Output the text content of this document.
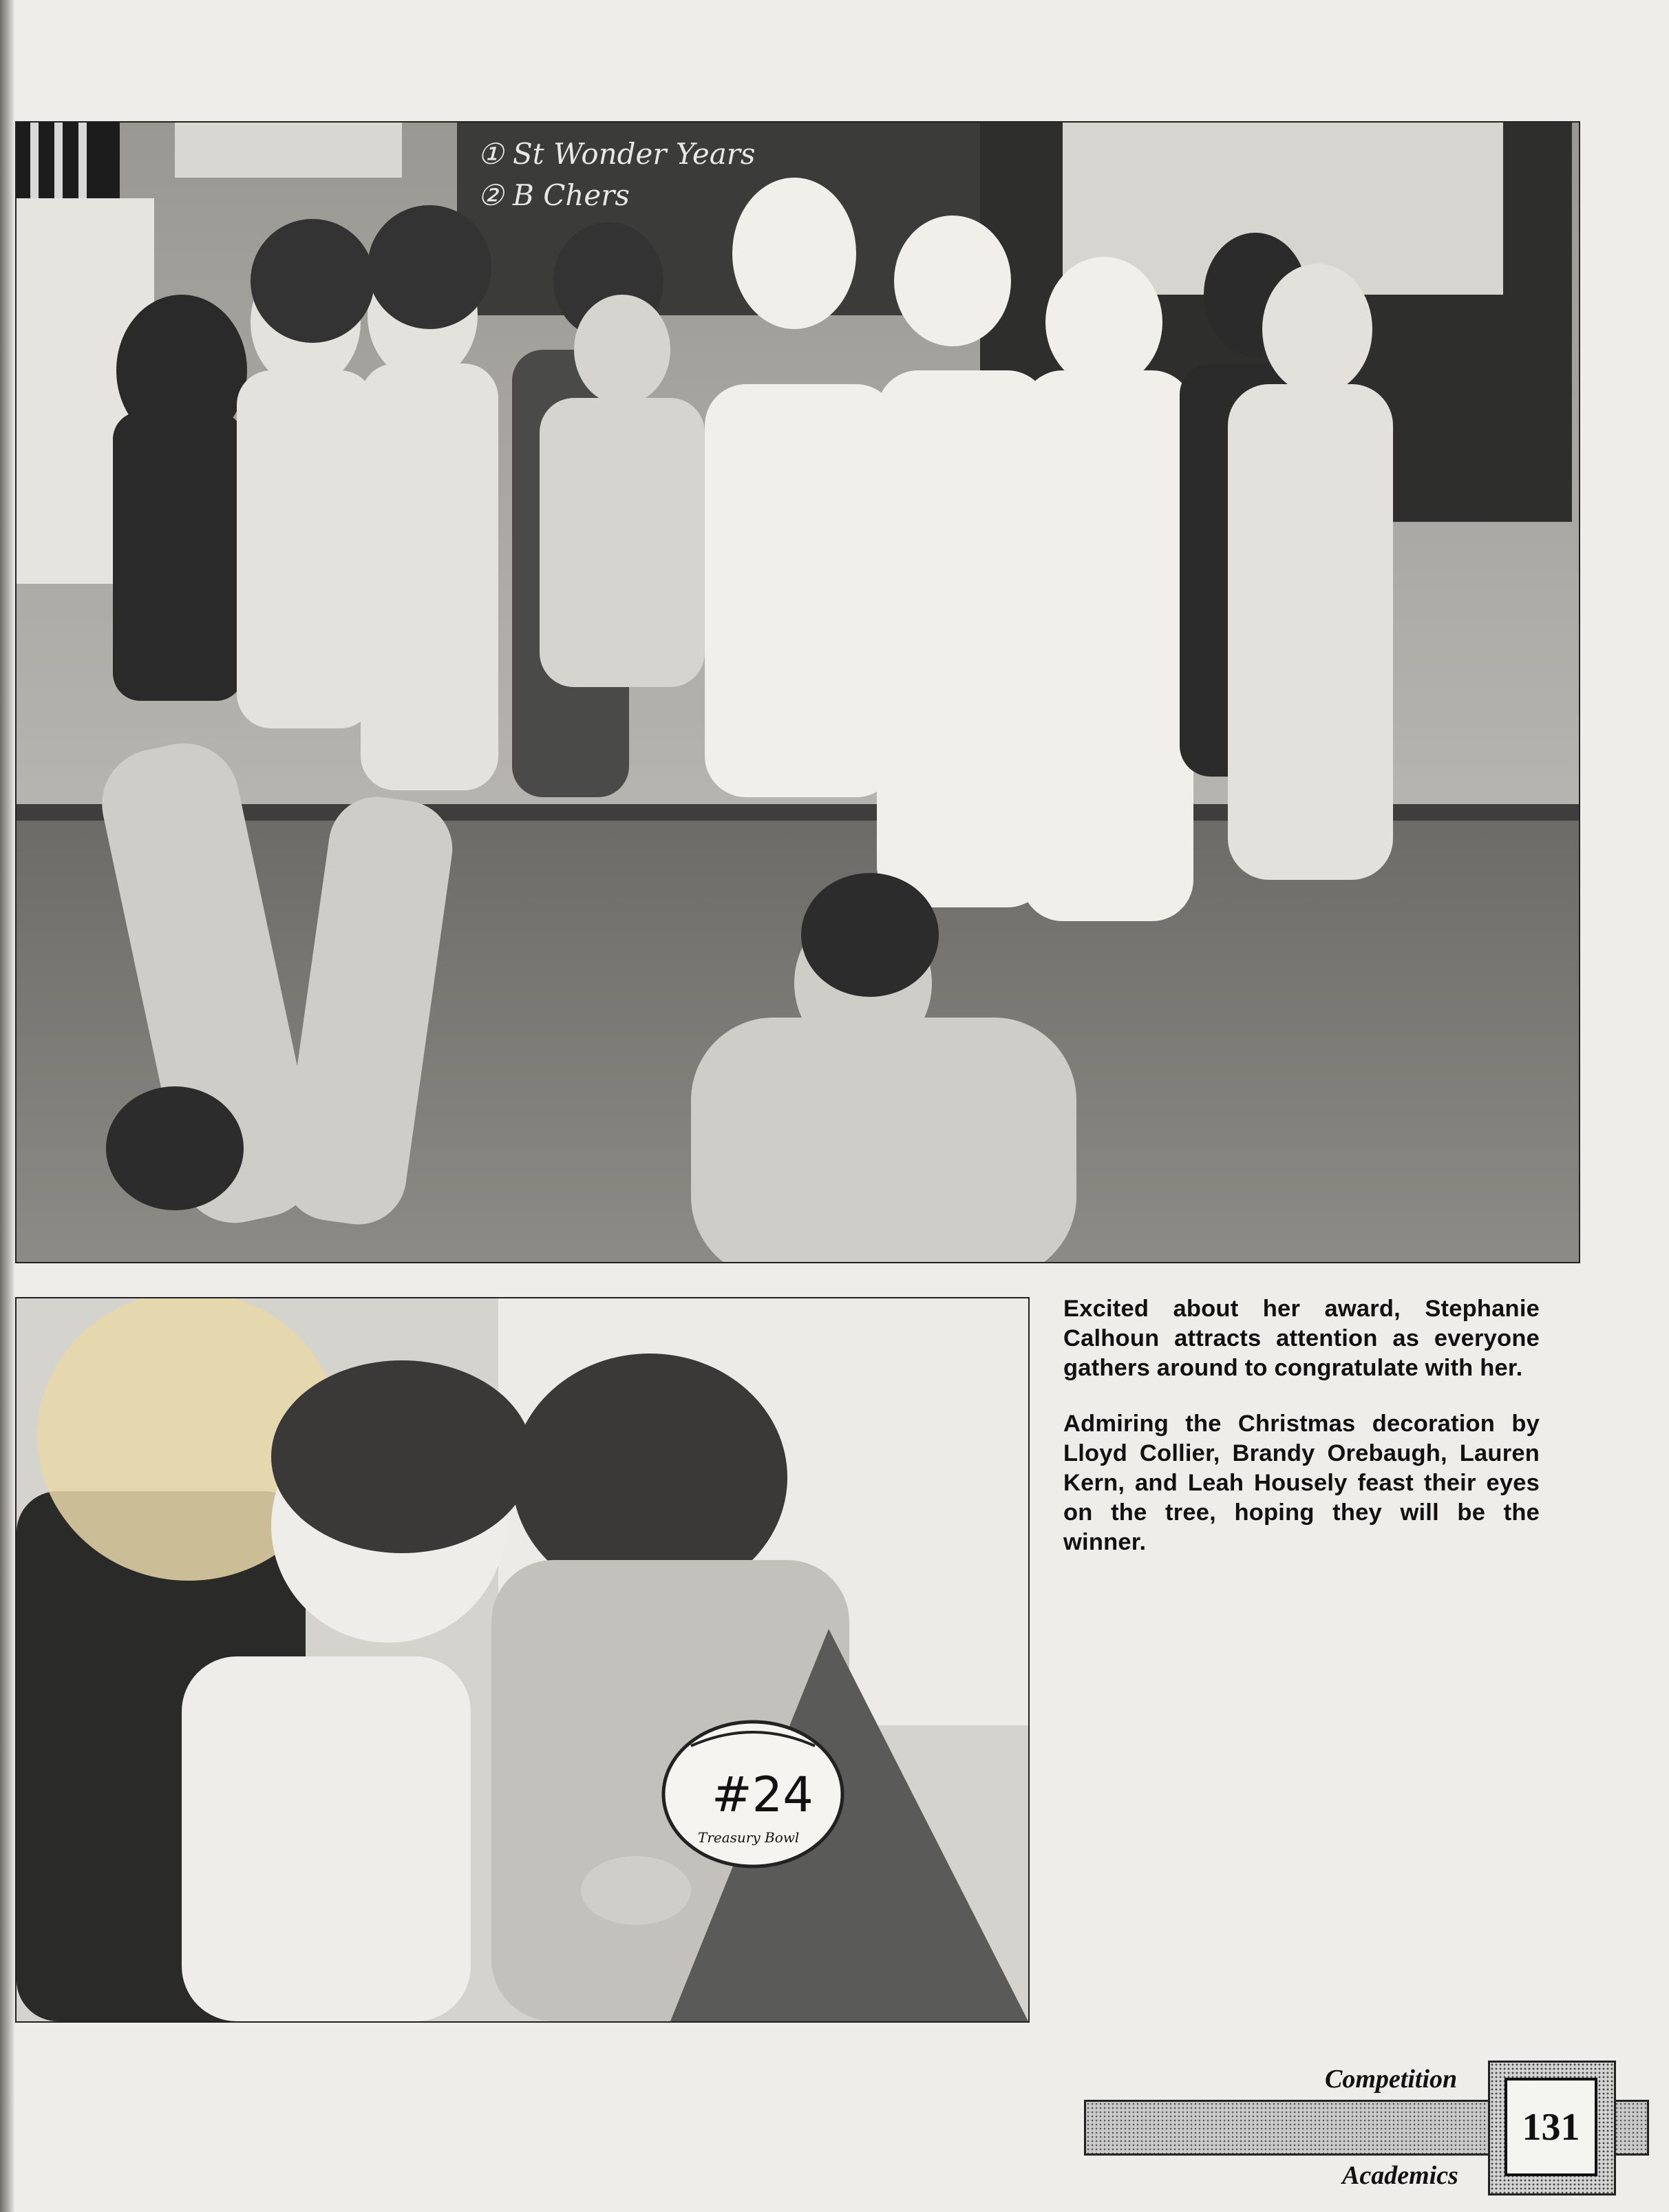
① St Wonder Years
② B Chers
#24
Treasury Bowl

Excited about her award, Stephanie Calhoun attracts attention as everyone gathers around to congratulate with her.

Admiring the Christmas decoration by Lloyd Collier, Brandy Orebaugh, Lauren Kern, and Leah Housely feast their eyes on the tree, hoping they will be the winner.

131
Competition
Academics
